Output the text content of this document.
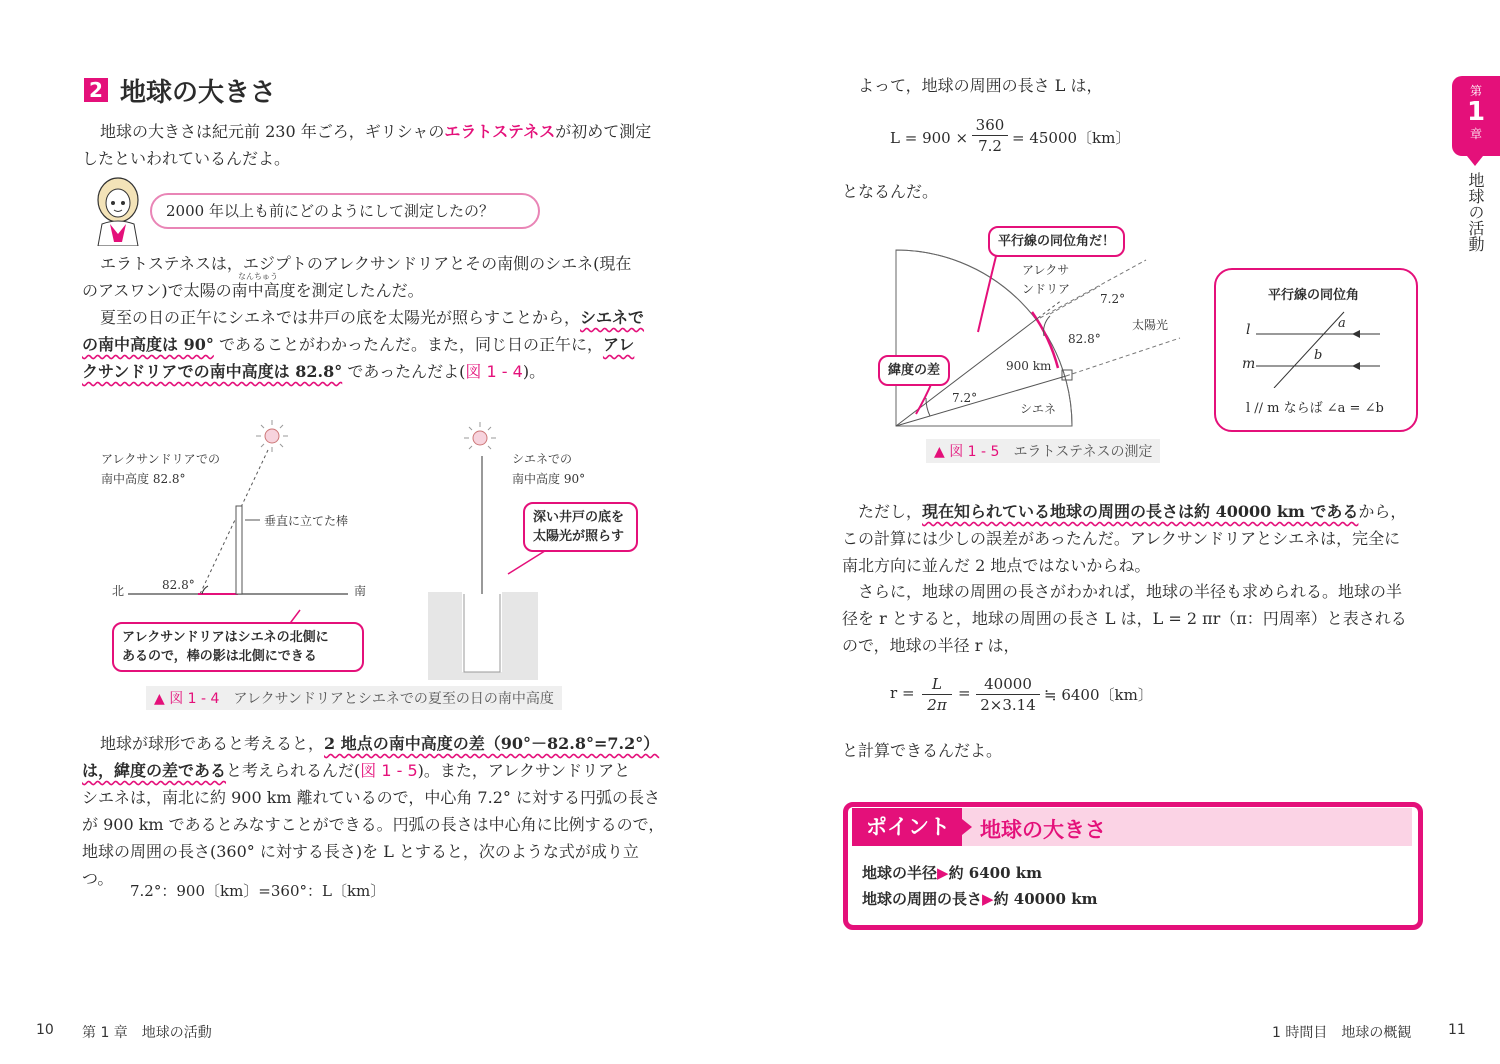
2 地球の大きさ
地球の大きさは紀元前 230 年ごろ，ギリシャのエラトステネスが初めて測定
したといわれているんだよ。
2000 年以上も前にどのようにして測定したの？
なんちゅう
エラトステネスは，エジプトのアレクサンドリアとその南側のシエネ(現在
のアスワン)で太陽の南中高度を測定したんだ。
夏至の日の正午にシエネでは井戸の底を太陽光が照らすことから，シエネで
の南中高度は 90° であることがわかったんだ。また，同じ日の正午に，アレ
クサンドリアでの南中高度は 82.8° であったんだよ(図 1 - 4)。
アレクサンドリアでの
南中高度 82.8°
垂直に立てた棒
82.8°
北	南
アレクサンドリアはシエネの北側に
あるので，棒の影は北側にできる
シエネでの
南中高度 90°
深い井戸の底を
太陽光が照らす
▲ 図 1 - 4　 アレクサンドリアとシエネでの夏至の日の南中高度
地球が球形であると考えると，2 地点の南中高度の差（90°－82.8°=7.2°）
は，緯度の差であると考えられるんだ(図 1 - 5)。また，アレクサンドリアと
シエネは，南北に約 900 km 離れているので，中心角 7.2° に対する円弧の長さ
が 900 km であるとみなすことができる。円弧の長さは中心角に比例するので，
地球の周囲の長さ(360° に対する長さ)を L とすると，次のような式が成り立つ。
7.2°：900〔km〕=360°：L〔km〕
10 第 1 章　地球の活動
よって，地球の周囲の長さ L は，
L = 900 ×
360
7.2 = 45000〔km〕
となるんだ。
平行線の同位角だ！
アレクサ
ンドリア
7.2°
82.8°
太陽光
900 km
緯度の差
7.2°
シエネ
▲ 図 1 - 5　 エラトステネスの測定
平行線の同位角
l
m
a
b
l // m ならば ∠a = ∠b
ただし，現在知られている地球の周囲の長さは約 40000 km であるから，
この計算には少しの誤差があったんだ。アレクサンドリアとシエネは，完全に
南北方向に並んだ 2 地点ではないからね。
さらに，地球の周囲の長さがわかれば，地球の半径も求められる。地球の半
径を r とすると，地球の周囲の長さ L は，L = 2 πr（π：円周率）と表される
ので，地球の半径 r は，
r =	L
2π
= 40000
2×3.14
≒ 6400〔km〕
と計算できるんだよ。
ポイント	地球の大きさ
地球の半径▶約 6400 km
地球の周囲の長さ▶約 40000 km
第
1
章
地球の活動
1 時間目　地球の概観	11
